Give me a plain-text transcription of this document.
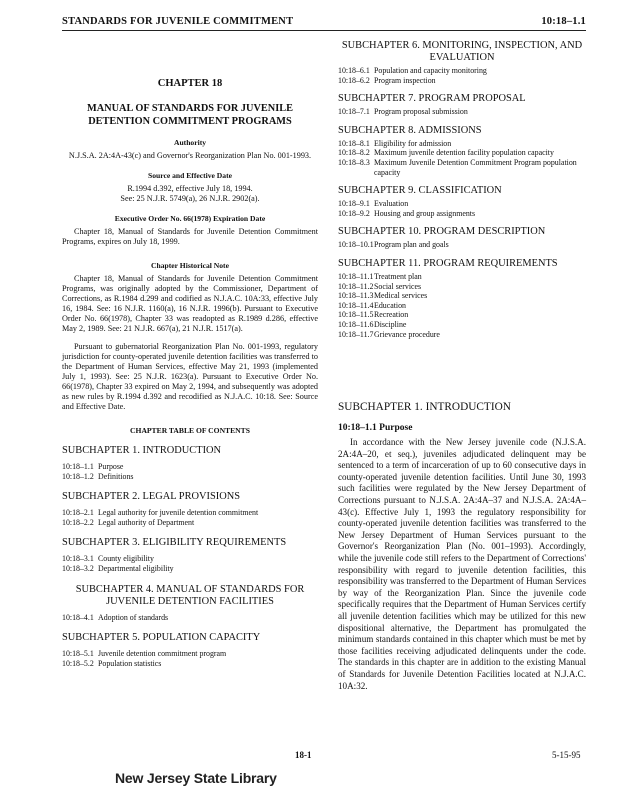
STANDARDS FOR JUVENILE COMMITMENT	10:18–1.1

CHAPTER 18

MANUAL OF STANDARDS FOR JUVENILE DETENTION COMMITMENT PROGRAMS

Authority

N.J.S.A. 2A:4A-43(c) and Governor's Reorganization Plan No. 001-1993.

Source and Effective Date

R.1994 d.392, effective July 18, 1994.

See: 25 N.J.R. 5749(a), 26 N.J.R. 2902(a).

Executive Order No. 66(1978) Expiration Date

Chapter 18, Manual of Standards for Juvenile Detention Commitment Programs, expires on July 18, 1999.

Chapter Historical Note

Chapter 18, Manual of Standards for Juvenile Detention Commitment Programs, was originally adopted by the Commissioner, Department of Corrections, as R.1984 d.299 and codified as N.J.A.C. 10A:33, effective July 16, 1984. See: 16 N.J.R. 1160(a), 16 N.J.R. 1996(b). Pursuant to Executive Order No. 66(1978), Chapter 33 was readopted as R.1989 d.286, effective May 2, 1989. See: 21 N.J.R. 667(a), 21 N.J.R. 1517(a).

Pursuant to gubernatorial Reorganization Plan No. 001-1993, regulatory jurisdiction for county-operated juvenile detention facilities was transferred to the Department of Human Services, effective May 21, 1993 (implemented July 1, 1993). See: 25 N.J.R. 1623(a). Pursuant to Executive Order No. 66(1978), Chapter 33 expired on May 2, 1994, and subsequently was adopted as new rules by R.1994 d.392 and recodified as N.J.A.C. 10:18. See: Source and Effective Date.

CHAPTER TABLE OF CONTENTS

SUBCHAPTER 1. INTRODUCTION

10:18–1.1 Purpose
10:18–1.2 Definitions

SUBCHAPTER 2. LEGAL PROVISIONS

10:18–2.1 Legal authority for juvenile detention commitment
10:18–2.2 Legal authority of Department

SUBCHAPTER 3. ELIGIBILITY REQUIREMENTS

10:18–3.1 County eligibility
10:18–3.2 Departmental eligibility

SUBCHAPTER 4. MANUAL OF STANDARDS FOR JUVENILE DETENTION FACILITIES

10:18–4.1 Adoption of standards

SUBCHAPTER 5. POPULATION CAPACITY

10:18–5.1 Juvenile detention commitment program
10:18–5.2 Population statistics

SUBCHAPTER 6. MONITORING, INSPECTION, AND EVALUATION

10:18–6.1 Population and capacity monitoring
10:18–6.2 Program inspection

SUBCHAPTER 7. PROGRAM PROPOSAL

10:18–7.1 Program proposal submission

SUBCHAPTER 8. ADMISSIONS

10:18–8.1 Eligibility for admission
10:18–8.2 Maximum juvenile detention facility population capacity
10:18–8.3 Maximum Juvenile Detention Commitment Program population capacity

SUBCHAPTER 9. CLASSIFICATION

10:18–9.1 Evaluation
10:18–9.2 Housing and group assignments

SUBCHAPTER 10. PROGRAM DESCRIPTION

10:18–10.1 Program plan and goals

SUBCHAPTER 11. PROGRAM REQUIREMENTS

10:18–11.1 Treatment plan
10:18–11.2 Social services
10:18–11.3 Medical services
10:18–11.4 Education
10:18–11.5 Recreation
10:18–11.6 Discipline
10:18–11.7 Grievance procedure

SUBCHAPTER 1. INTRODUCTION

10:18–1.1 Purpose

In accordance with the New Jersey juvenile code (N.J.S.A. 2A:4A–20, et seq.), juveniles adjudicated delinquent may be sentenced to a term of incarceration of up to 60 consecutive days in county-operated juvenile detention facilities. Until June 30, 1993 such facilities were regulated by the New Jersey Department of Corrections pursuant to N.J.S.A. 2A:4A–37 and N.J.S.A. 2A:4A–43(c). Effective July 1, 1993 the regulatory responsibility for county-operated juvenile detention facilities was transferred to the New Jersey Department of Human Services pursuant to the Governor's Reorganization Plan (No. 001–1993). Accordingly, while the juvenile code still refers to the Department of Corrections' responsibility with regard to juvenile detention facilities, this responsibility was transferred to the Department of Human Services by way of the Reorganization Plan. Since the juvenile code specifically requires that the Department of Human Services certify all juvenile detention facilities which may be utilized for this new dispositional alternative, the Department has promulgated the minimum standards contained in this chapter which must be met by those facilities receiving adjudicated delinquents under the code. The standards in this chapter are in addition to the existing Manual of Standards for Juvenile Detention Facilities located at N.J.A.C. 10A:32.

18-1	5-15-95
New Jersey State Library
